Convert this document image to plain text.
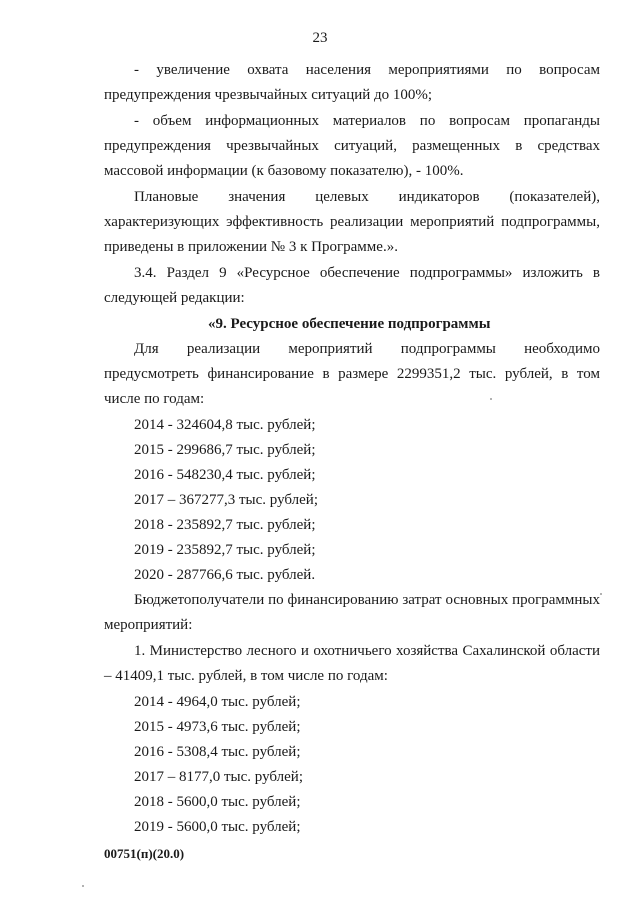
23

- увеличение охвата населения мероприятиями по вопросам предупреждения чрезвычайных ситуаций до 100%;

- объем информационных материалов по вопросам пропаганды предупреждения чрезвычайных ситуаций, размещенных в средствах массовой информации (к базовому показателю), - 100%.

Плановые значения целевых индикаторов (показателей), характеризующих эффективность реализации мероприятий подпрограммы, приведены в приложении № 3 к Программе.».

3.4. Раздел 9 «Ресурсное обеспечение подпрограммы» изложить в следующей редакции:

«9. Ресурсное обеспечение подпрограммы

Для реализации мероприятий подпрограммы необходимо предусмотреть финансирование в размере 2299351,2 тыс. рублей, в том числе по годам:

2014 - 324604,8 тыс. рублей;

2015 - 299686,7 тыс. рублей;

2016 - 548230,4 тыс. рублей;

2017 – 367277,3 тыс. рублей;

2018 - 235892,7 тыс. рублей;

2019 - 235892,7 тыс. рублей;

2020 - 287766,6 тыс. рублей.

Бюджетополучатели по финансированию затрат основных программных мероприятий:

1. Министерство лесного и охотничьего хозяйства Сахалинской области – 41409,1 тыс. рублей, в том числе по годам:

2014 - 4964,0 тыс. рублей;

2015 - 4973,6 тыс. рублей;

2016 - 5308,4 тыс. рублей;

2017 – 8177,0 тыс. рублей;

2018 - 5600,0 тыс. рублей;

2019 - 5600,0 тыс. рублей;

00751(п)(20.0)
